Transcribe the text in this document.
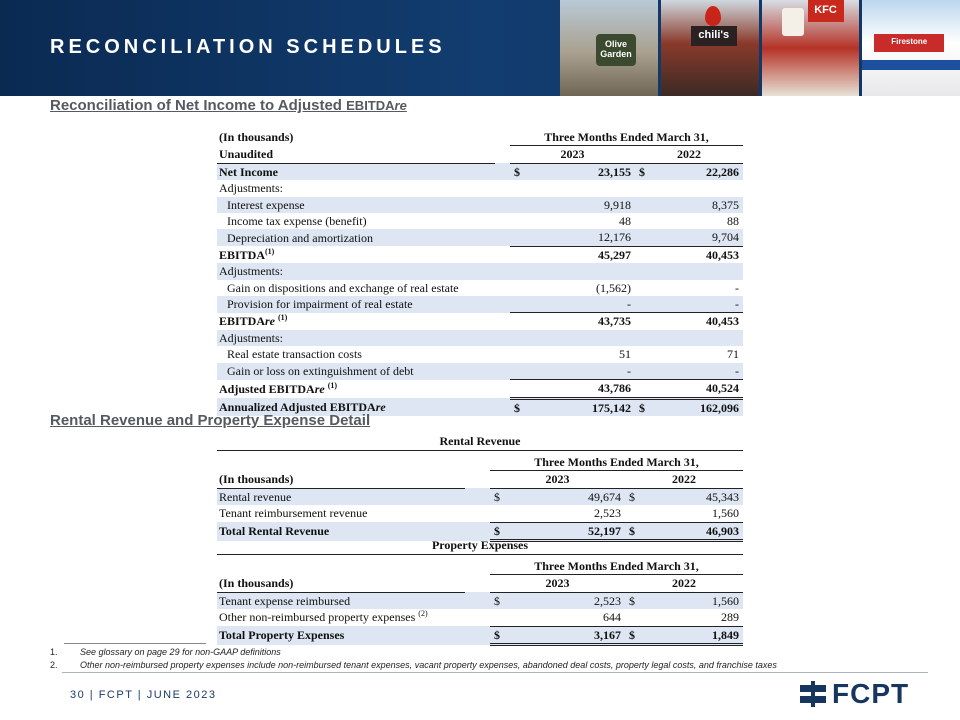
RECONCILIATION SCHEDULES	Olive Garden
chili's
KFC
Firestone
Reconciliation of Net Income to Adjusted EBITDAre
(In thousands)		Three Months Ended March 31,			
Unaudited		2023		2022	
Net Income		$	23,155	$	22,286
Adjustments:					
Interest expense			9,918		8,375
Income tax expense (benefit)			48		88
Depreciation and amortization			12,176		9,704
EBITDA$^{(1)}$			45,297		40,453
Adjustments:					
Gain on dispositions and exchange of real estate			(1,562)		-
Provision for impairment of real estate			-		-
EBITDAre $^{(1)}$			43,735		40,453
Adjustments:					
Real estate transaction costs			51		71
Gain or loss on extinguishment of debt			-		-
Adjusted EBITDAre $^{(1)}$			43,786		40,524
Annualized Adjusted EBITDAre		$	175,142	$	162,096
Rental Revenue and Property Expense Detail
Rental Revenue
		Three Months Ended March 31,			
(In thousands)		2023		2022	
Rental revenue		$	49,674	$	45,343
Tenant reimbursement revenue			2,523		1,560
Total Rental Revenue		$	52,197	$	46,903
Property Expenses
		Three Months Ended March 31,			
(In thousands)		2023		2022	
Tenant expense reimbursed		$	2,523	$	1,560
Other non-reimbursed property expenses $^{(2)}$			644		289
Total Property Expenses		$	3,167	$	1,849
1. See glossary on page 29 for non-GAAP definitions
2. Other non-reimbursed property expenses include non-reimbursed tenant expenses, vacant property expenses, abandoned deal costs, property legal costs, and franchise taxes
30 | FCPT | JUNE 2023	FCPT
